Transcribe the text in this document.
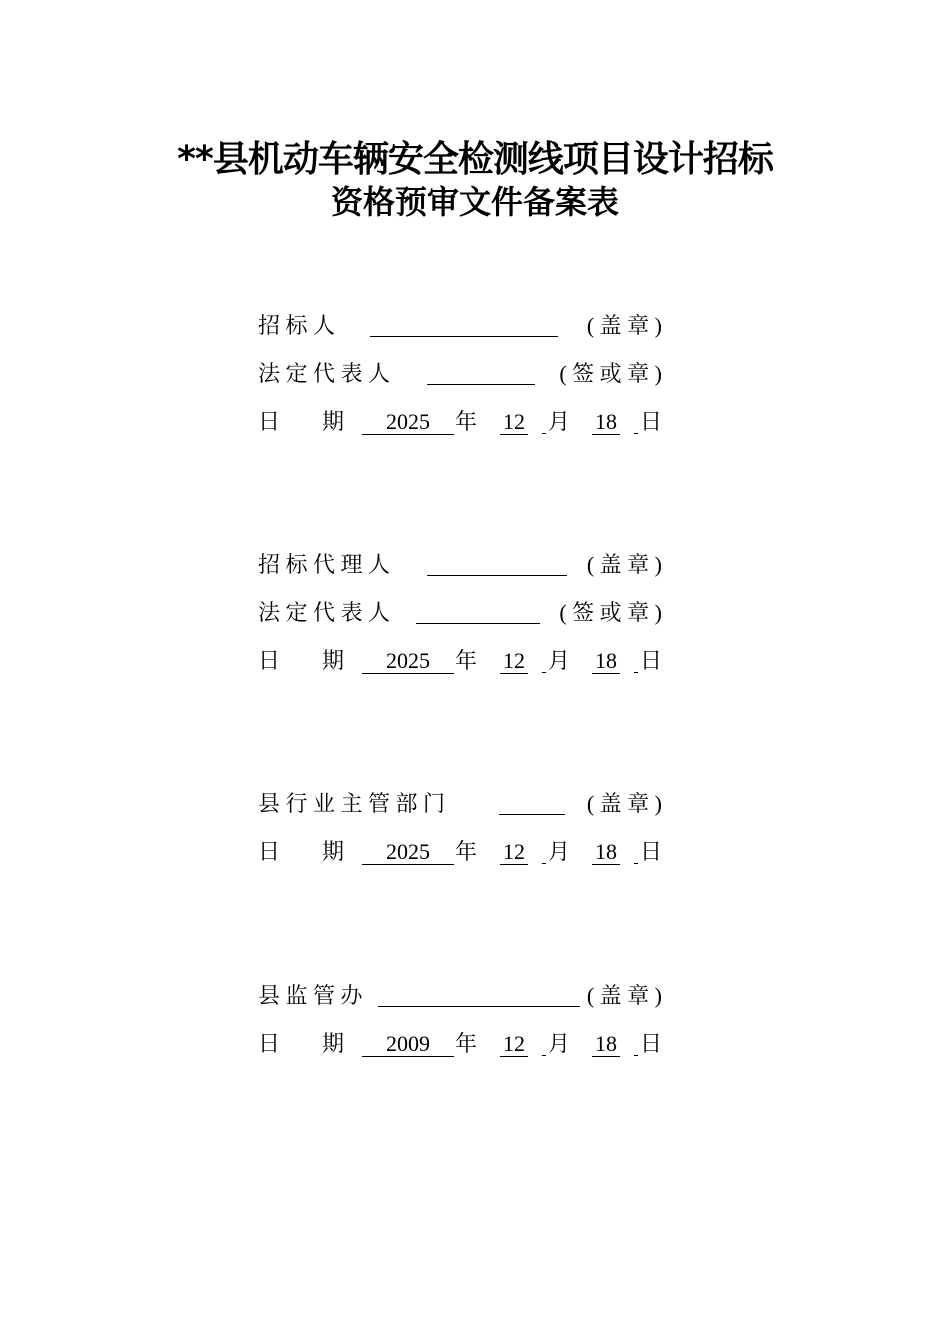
**县机动车辆安全检测线项目设计招标
资格预审文件备案表
招 标 人	( 盖 章 )
法 定 代 表 人	( 签 或 章 )
日 期	2025	年 12 月 18 日
招 标 代 理 人	( 盖 章 )
法 定 代 表 人	( 签 或 章 )
日 期	2025	年 12 月 18 日
县 行 业 主 管 部 门	( 盖 章 )
日 期	2025	年 12 月 18 日
县 监 管 办	( 盖 章 )
日 期	2009	年 12 月 18 日
